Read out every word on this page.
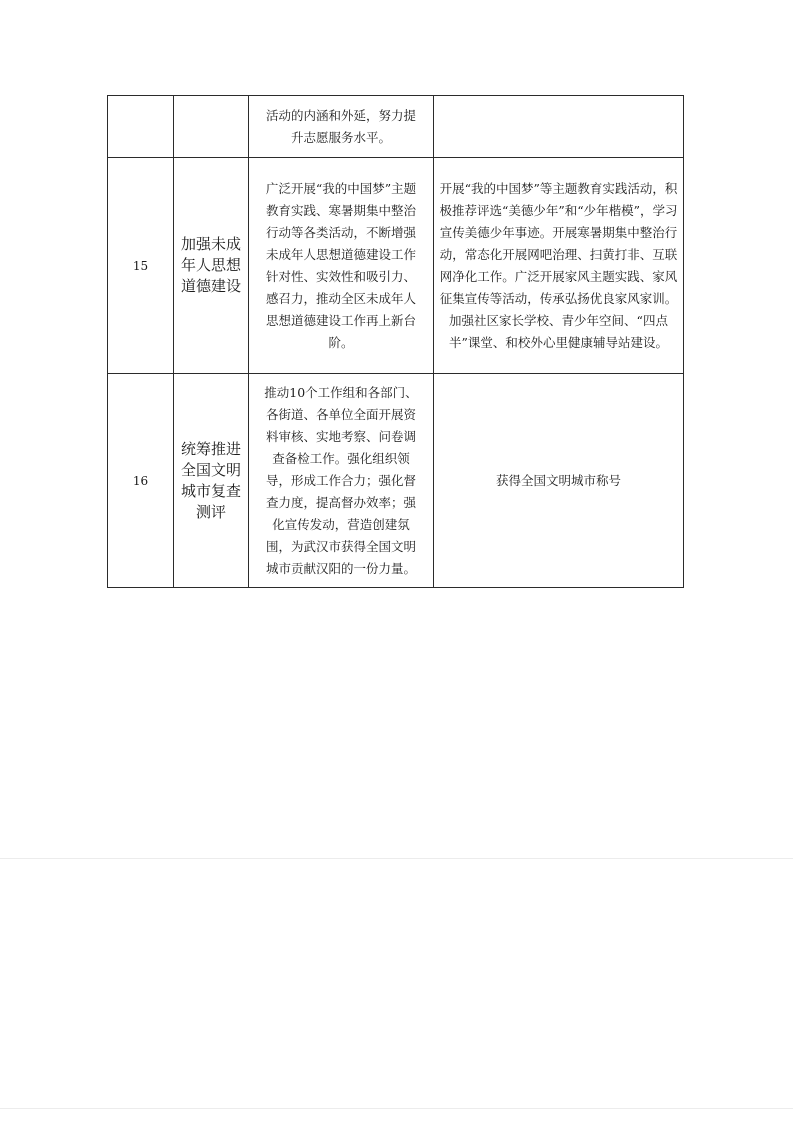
		活动的内涵和外延，努力提升志愿服务水平。	
15	加强未成年人思想道德建设	广泛开展“我的中国梦”主题教育实践、寒暑期集中整治行动等各类活动，不断增强未成年人思想道德建设工作针对性、实效性和吸引力、感召力，推动全区未成年人思想道德建设工作再上新台阶。	开展“我的中国梦”等主题教育实践活动，积极推荐评选“美德少年”和“少年楷模”，学习宣传美德少年事迹。开展寒暑期集中整治行动，常态化开展网吧治理、扫黄打非、互联网净化工作。广泛开展家风主题实践、家风征集宣传等活动，传承弘扬优良家风家训。加强社区家长学校、青少年空间、“四点半”课堂、和校外心里健康辅导站建设。
16	统筹推进全国文明城市复查测评	推动10个工作组和各部门、各街道、各单位全面开展资料审核、实地考察、问卷调查备检工作。强化组织领导，形成工作合力；强化督查力度，提高督办效率；强化宣传发动，营造创建氛围，为武汉市获得全国文明城市贡献汉阳的一份力量。	获得全国文明城市称号
